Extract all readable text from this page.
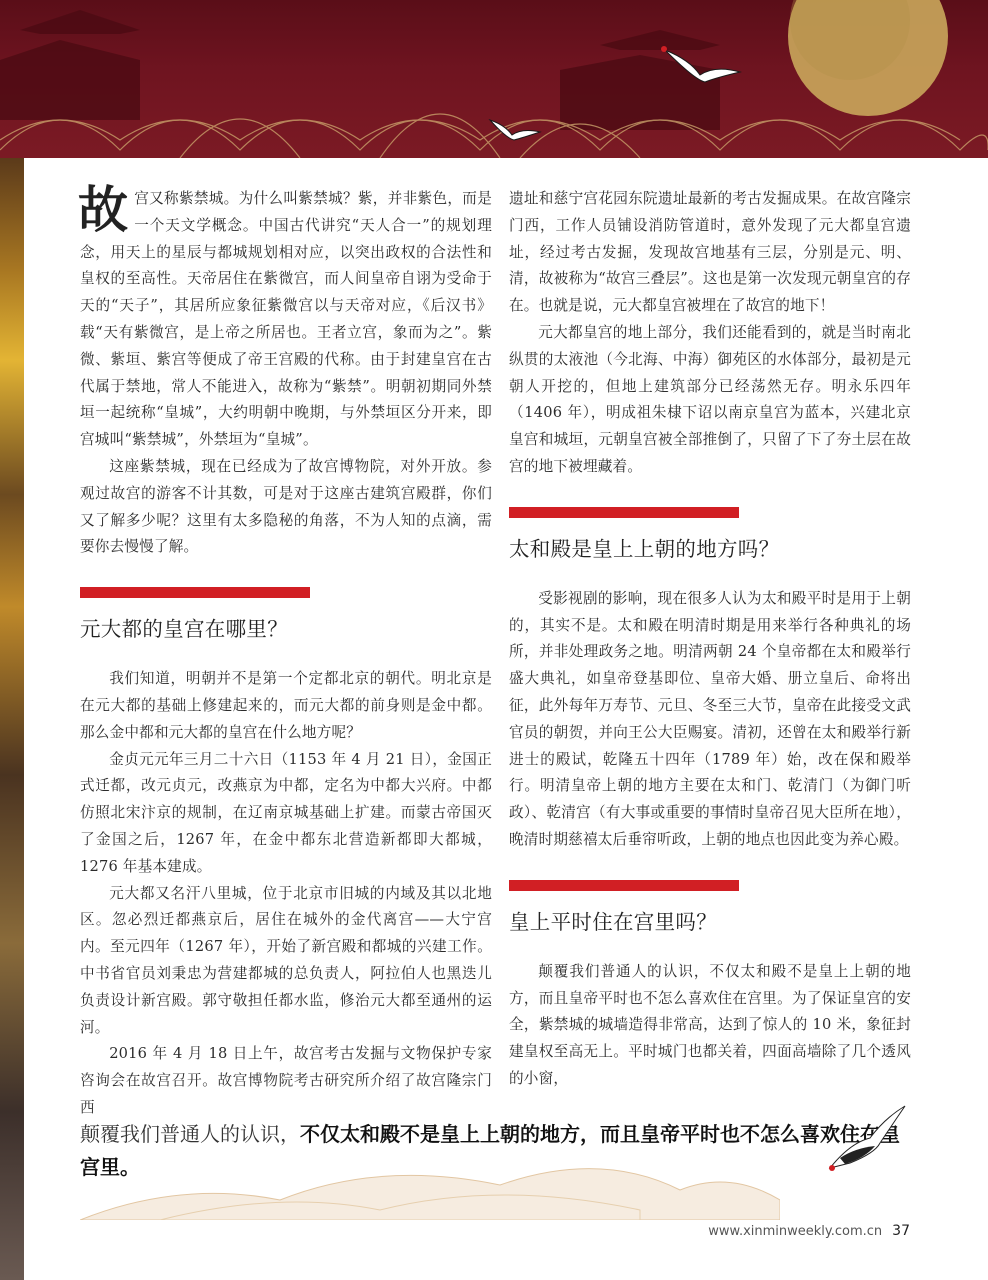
故宫又称紫禁城。为什么叫紫禁城？紫，并非紫色，而是一个天文学概念。中国古代讲究“天人合一”的规划理念，用天上的星辰与都城规划相对应，以突出政权的合法性和皇权的至高性。天帝居住在紫微宫，而人间皇帝自诩为受命于天的“天子”，其居所应象征紫微宫以与天帝对应，《后汉书》载“天有紫微宫，是上帝之所居也。王者立宫，象而为之”。紫微、紫垣、紫宫等便成了帝王宫殿的代称。由于封建皇宫在古代属于禁地，常人不能进入，故称为“紫禁”。明朝初期同外禁垣一起统称“皇城”，大约明朝中晚期，与外禁垣区分开来，即宫城叫“紫禁城”，外禁垣为“皇城”。

这座紫禁城，现在已经成为了故宫博物院，对外开放。参观过故宫的游客不计其数，可是对于这座古建筑宫殿群，你们又了解多少呢？这里有太多隐秘的角落，不为人知的点滴，需要你去慢慢了解。

元大都的皇宫在哪里？

我们知道，明朝并不是第一个定都北京的朝代。明北京是在元大都的基础上修建起来的，而元大都的前身则是金中都。那么金中都和元大都的皇宫在什么地方呢？

金贞元元年三月二十六日（1153 年 4 月 21 日），金国正式迁都，改元贞元，改燕京为中都，定名为中都大兴府。中都仿照北宋汴京的规制，在辽南京城基础上扩建。而蒙古帝国灭了金国之后，1267 年，在金中都东北营造新都即大都城，1276 年基本建成。

元大都又名汗八里城，位于北京市旧城的内域及其以北地区。忽必烈迁都燕京后，居住在城外的金代离宫——大宁宫内。至元四年（1267 年），开始了新宫殿和都城的兴建工作。中书省官员刘秉忠为营建都城的总负责人，阿拉伯人也黑迭儿负责设计新宫殿。郭守敬担任都水监，修治元大都至通州的运河。

2016 年 4 月 18 日上午，故宫考古发掘与文物保护专家咨询会在故宫召开。故宫博物院考古研究所介绍了故宫隆宗门西

遗址和慈宁宫花园东院遗址最新的考古发掘成果。在故宫隆宗门西，工作人员铺设消防管道时，意外发现了元大都皇宫遗址，经过考古发掘，发现故宫地基有三层，分别是元、明、清，故被称为“故宫三叠层”。这也是第一次发现元朝皇宫的存在。也就是说，元大都皇宫被埋在了故宫的地下！

元大都皇宫的地上部分，我们还能看到的，就是当时南北纵贯的太液池（今北海、中海）御苑区的水体部分，最初是元朝人开挖的，但地上建筑部分已经荡然无存。明永乐四年（1406 年），明成祖朱棣下诏以南京皇宫为蓝本，兴建北京皇宫和城垣，元朝皇宫被全部推倒了，只留了下了夯土层在故宫的地下被埋藏着。

太和殿是皇上上朝的地方吗？

受影视剧的影响，现在很多人认为太和殿平时是用于上朝的，其实不是。太和殿在明清时期是用来举行各种典礼的场所，并非处理政务之地。明清两朝 24 个皇帝都在太和殿举行盛大典礼，如皇帝登基即位、皇帝大婚、册立皇后、命将出征，此外每年万寿节、元旦、冬至三大节，皇帝在此接受文武官员的朝贺，并向王公大臣赐宴。清初，还曾在太和殿举行新进士的殿试，乾隆五十四年（1789 年）始，改在保和殿举行。明清皇帝上朝的地方主要在太和门、乾清门（为御门听政）、乾清宫（有大事或重要的事情时皇帝召见大臣所在地），晚清时期慈禧太后垂帘听政，上朝的地点也因此变为养心殿。

皇上平时住在宫里吗？

颠覆我们普通人的认识，不仅太和殿不是皇上上朝的地方，而且皇帝平时也不怎么喜欢住在宫里。为了保证皇宫的安全，紫禁城的城墙造得非常高，达到了惊人的 10 米，象征封建皇权至高无上。平时城门也都关着，四面高墙除了几个透风的小窗，

颠覆我们普通人的认识，不仅太和殿不是皇上上朝的地方，而且皇帝平时也不怎么喜欢住在皇宫里。
www.xinminweekly.com.cn 37
